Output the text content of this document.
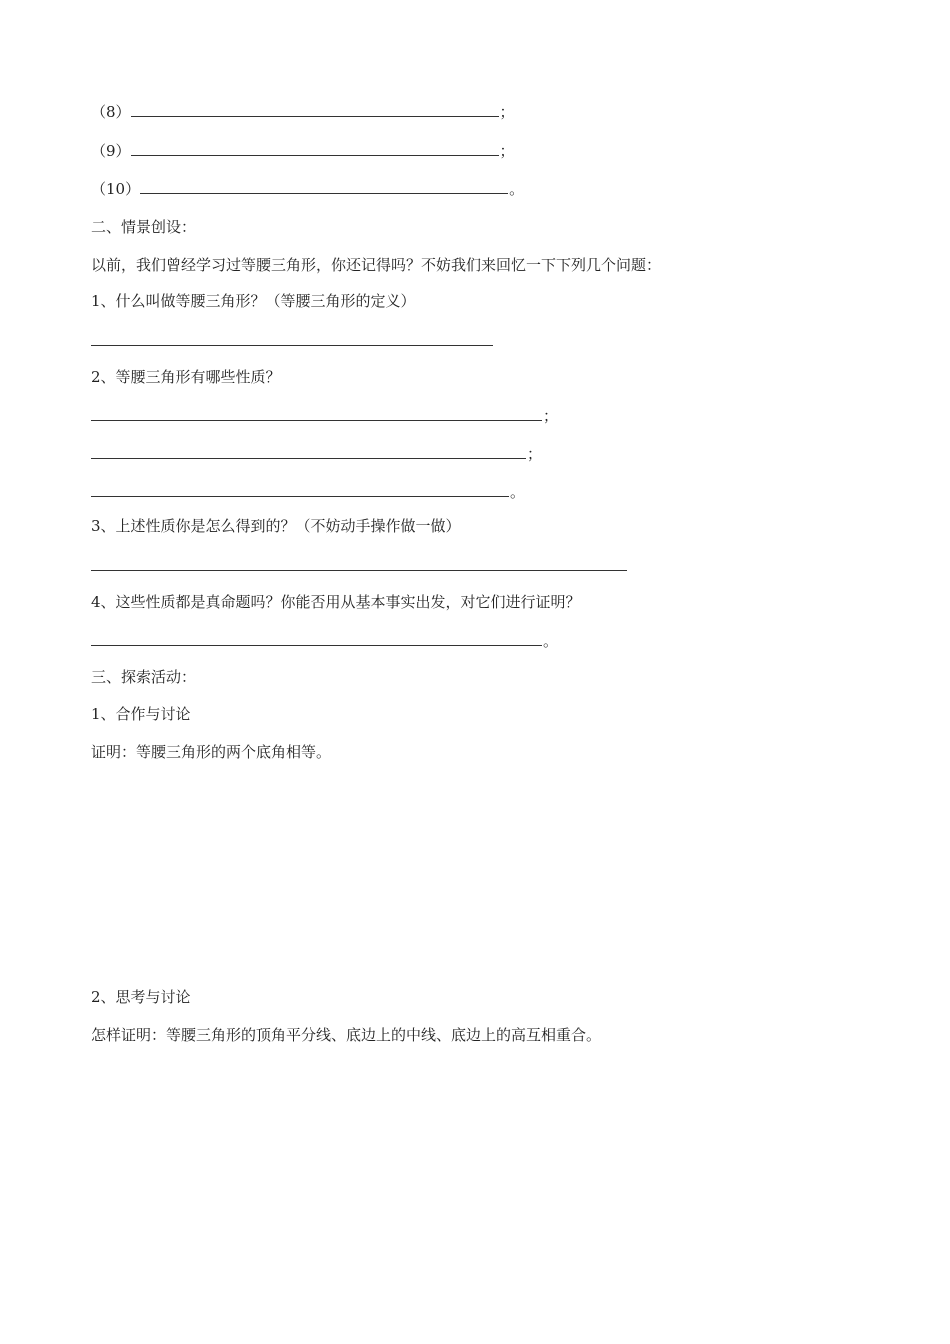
（8）	；
（9）	；
（10）	。
二、情景创设：
以前，我们曾经学习过等腰三角形，你还记得吗？不妨我们来回忆一下下列几个问题：
1、什么叫做等腰三角形？（等腰三角形的定义）
2、等腰三角形有哪些性质？
；
；
。
3、上述性质你是怎么得到的？（不妨动手操作做一做）
4、这些性质都是真命题吗？你能否用从基本事实出发，对它们进行证明？
。
三、探索活动：
1、合作与讨论
证明：等腰三角形的两个底角相等。
2、思考与讨论
怎样证明：等腰三角形的顶角平分线、底边上的中线、底边上的高互相重合。
